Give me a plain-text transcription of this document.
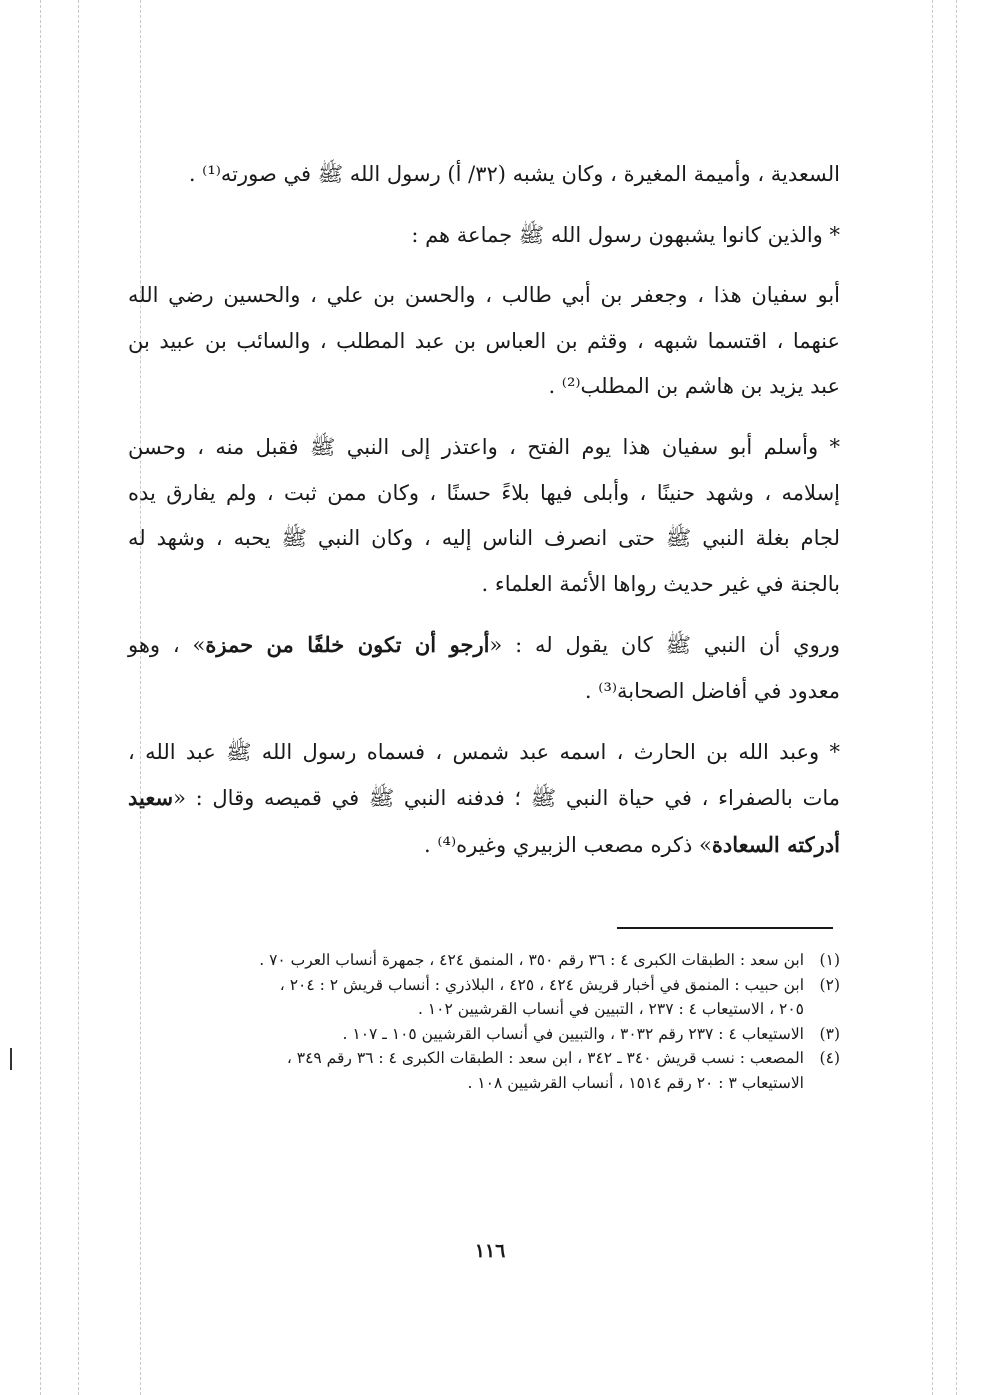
السعدية ، وأميمة المغيرة ، وكان يشبه (٣٢/ أ) رسول الله ﷺ في صورته⁽¹⁾ .

* والذين كانوا يشبهون رسول الله ﷺ جماعة هم :

أبو سفيان هذا ، وجعفر بن أبي طالب ، والحسن بن علي ، والحسين رضي الله
عنهما ، اقتسما شبهه ، وقثم بن العباس بن عبد المطلب ، والسائب بن عبيد بن
عبد يزيد بن هاشم بن المطلب⁽²⁾ .

* وأسلم أبو سفيان هذا يوم الفتح ، واعتذر إلى النبي ﷺ فقبل منه ، وحسن
إسلامه ، وشهد حنينًا ، وأبلى فيها بلاءً حسنًا ، وكان ممن ثبت ، ولم يفارق يده
لجام بغلة النبي ﷺ حتى انصرف الناس إليه ، وكان النبي ﷺ يحبه ، وشهد له
بالجنة في غير حديث رواها الأئمة العلماء .

وروي أن النبي ﷺ كان يقول له : «أرجو أن تكون خلفًا من حمزة» ، وهو
معدود في أفاضل الصحابة⁽³⁾ .

* وعبد الله بن الحارث ، اسمه عبد شمس ، فسماه رسول الله ﷺ عبد الله ،
مات بالصفراء ، في حياة النبي ﷺ ؛ فدفنه النبي ﷺ في قميصه وقال : «سعيد
أدركته السعادة» ذكره مصعب الزبيري وغيره⁽⁴⁾ .

(١)
ابن سعد : الطبقات الكبرى ٤ : ٣٦ رقم ٣٥٠ ، المنمق ٤٢٤ ، جمهرة أنساب العرب ٧٠ .

(٢)
ابن حبيب : المنمق في أخبار قريش ٤٢٤ ، ٤٢٥ ، البلاذري : أنساب قريش ٢ : ٢٠٤ ،
٢٠٥ ، الاستيعاب ٤ : ٢٣٧ ، التبيين في أنساب القرشيين ١٠٢ .

(٣)
الاستيعاب ٤ : ٢٣٧ رقم ٣٠٣٢ ، والتبيين في أنساب القرشيين ١٠٥ ـ ١٠٧ .

(٤)
المصعب : نسب قريش ٣٤٠ ـ ٣٤٢ ، ابن سعد : الطبقات الكبرى ٤ : ٣٦ رقم ٣٤٩ ،
الاستيعاب ٣ : ٢٠ رقم ١٥١٤ ، أنساب القرشيين ١٠٨ .

١١٦
